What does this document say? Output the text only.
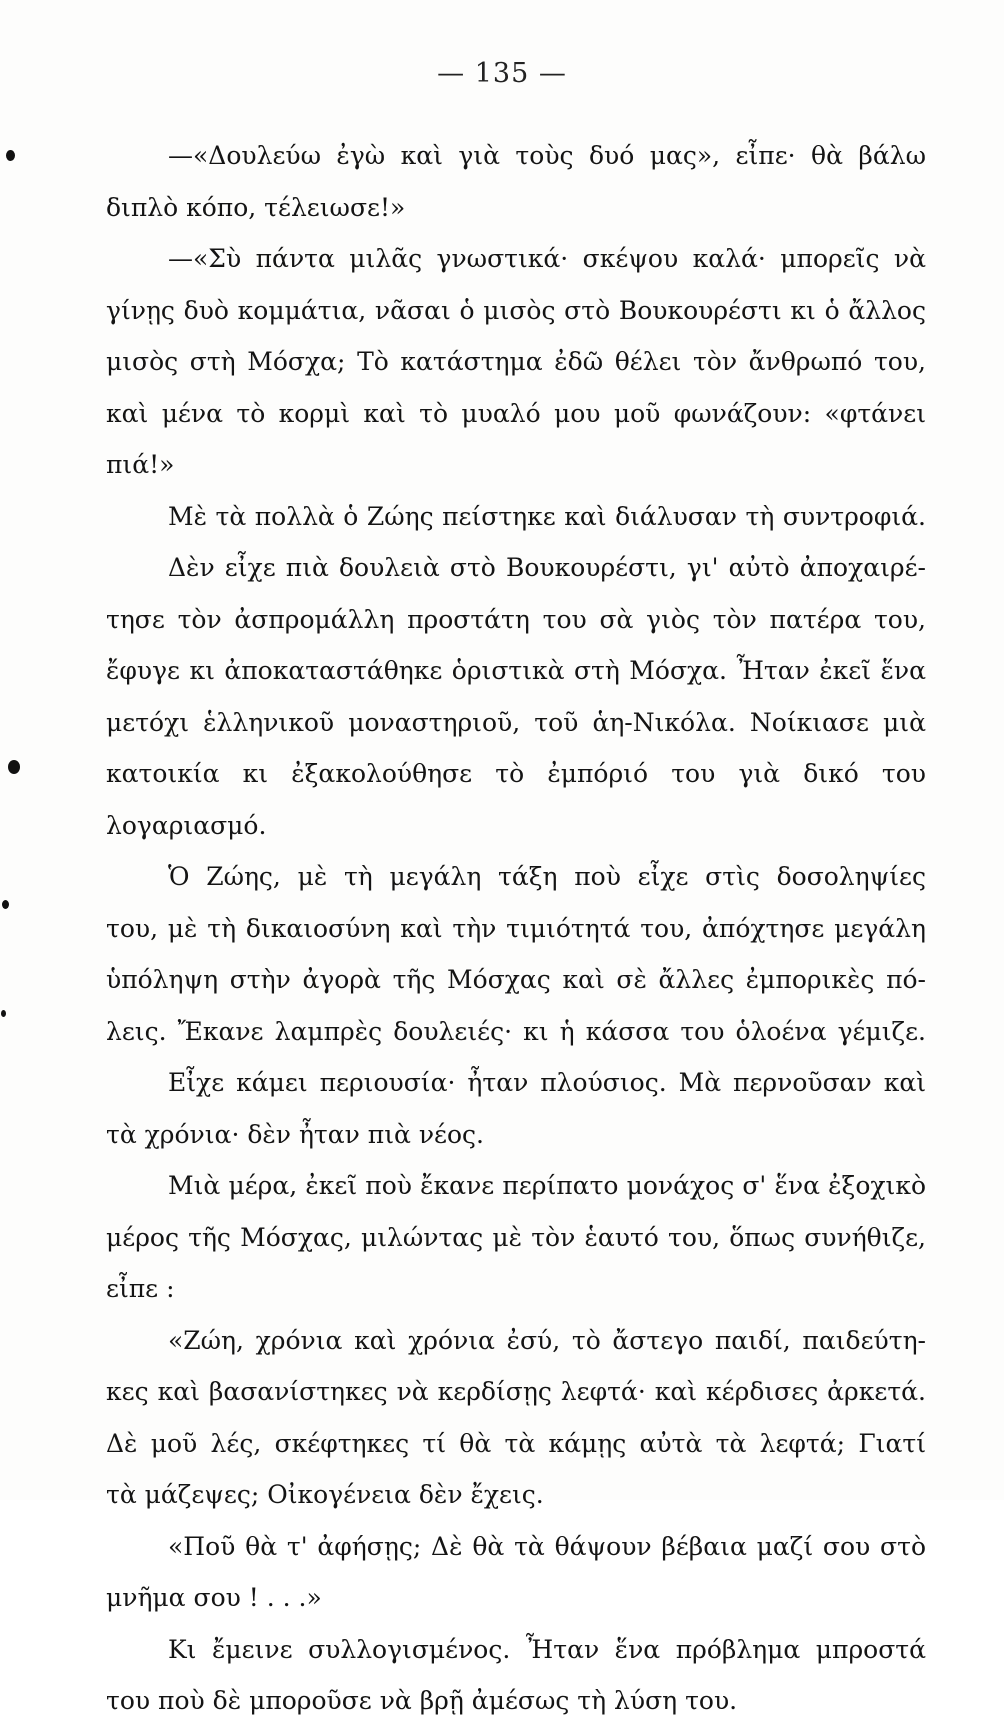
— 135 —
—«Δουλεύω ἐγὼ καὶ γιὰ τοὺς δυό μας», εἶπε· θὰ βάλω
διπλὸ κόπο, τέλειωσε!»
—«Σὺ πάντα μιλᾶς γνωστικά· σκέψου καλά· μπορεῖς νὰ
γίνῃς δυὸ κομμάτια, νᾶσαι ὁ μισὸς στὸ Βουκουρέστι κι ὁ ἄλλος
μισὸς στὴ Μόσχα; Τὸ κατάστημα ἐδῶ θέλει τὸν ἄνθρωπό του,
καὶ μένα τὸ κορμὶ καὶ τὸ μυαλό μου μοῦ φωνάζουν: «φτάνει
πιά!»
Μὲ τὰ πολλὰ ὁ Ζώης πείστηκε καὶ διάλυσαν τὴ συντροφιά.
Δὲν εἶχε πιὰ δουλειὰ στὸ Βουκουρέστι, γι' αὐτὸ ἀποχαιρέ-
τησε τὸν ἀσπρομάλλη προστάτη του σὰ γιὸς τὸν πατέρα του,
ἔφυγε κι ἀποκαταστάθηκε ὁριστικὰ στὴ Μόσχα. Ἦταν ἐκεῖ ἕνα
μετόχι ἑλληνικοῦ μοναστηριοῦ, τοῦ ἁη-Νικόλα. Νοίκιασε μιὰ
κατοικία κι ἐξακολούθησε τὸ ἐμπόριό του γιὰ δικό του
λογαριασμό.
Ὁ Ζώης, μὲ τὴ μεγάλη τάξη ποὺ εἶχε στὶς δοσοληψίες
του, μὲ τὴ δικαιοσύνη καὶ τὴν τιμιότητά του, ἀπόχτησε μεγάλη
ὑπόληψη στὴν ἀγορὰ τῆς Μόσχας καὶ σὲ ἄλλες ἐμπορικὲς πό-
λεις. Ἔκανε λαμπρὲς δουλειές· κι ἡ κάσσα του ὁλοένα γέμιζε.
Εἶχε κάμει περιουσία· ἦταν πλούσιος. Μὰ περνοῦσαν καὶ
τὰ χρόνια· δὲν ἦταν πιὰ νέος.
Μιὰ μέρα, ἐκεῖ ποὺ ἔκανε περίπατο μονάχος σ' ἕνα ἐξοχικὸ
μέρος τῆς Μόσχας, μιλώντας μὲ τὸν ἑαυτό του, ὅπως συνήθιζε,
εἶπε :
«Ζώη, χρόνια καὶ χρόνια ἐσύ, τὸ ἄστεγο παιδί, παιδεύτη-
κες καὶ βασανίστηκες νὰ κερδίσῃς λεφτά· καὶ κέρδισες ἀρκετά.
Δὲ μοῦ λές, σκέφτηκες τί θὰ τὰ κάμῃς αὐτὰ τὰ λεφτά; Γιατί
τὰ μάζεψες; Οἰκογένεια δὲν ἔχεις.
«Ποῦ θὰ τ' ἀφήσῃς; Δὲ θὰ τὰ θάψουν βέβαια μαζί σου στὸ
μνῆμα σου ! . . .»
Κι ἔμεινε συλλογισμένος. Ἦταν ἕνα πρόβλημα μπροστά
του ποὺ δὲ μποροῦσε νὰ βρῇ ἀμέσως τὴ λύση του.
